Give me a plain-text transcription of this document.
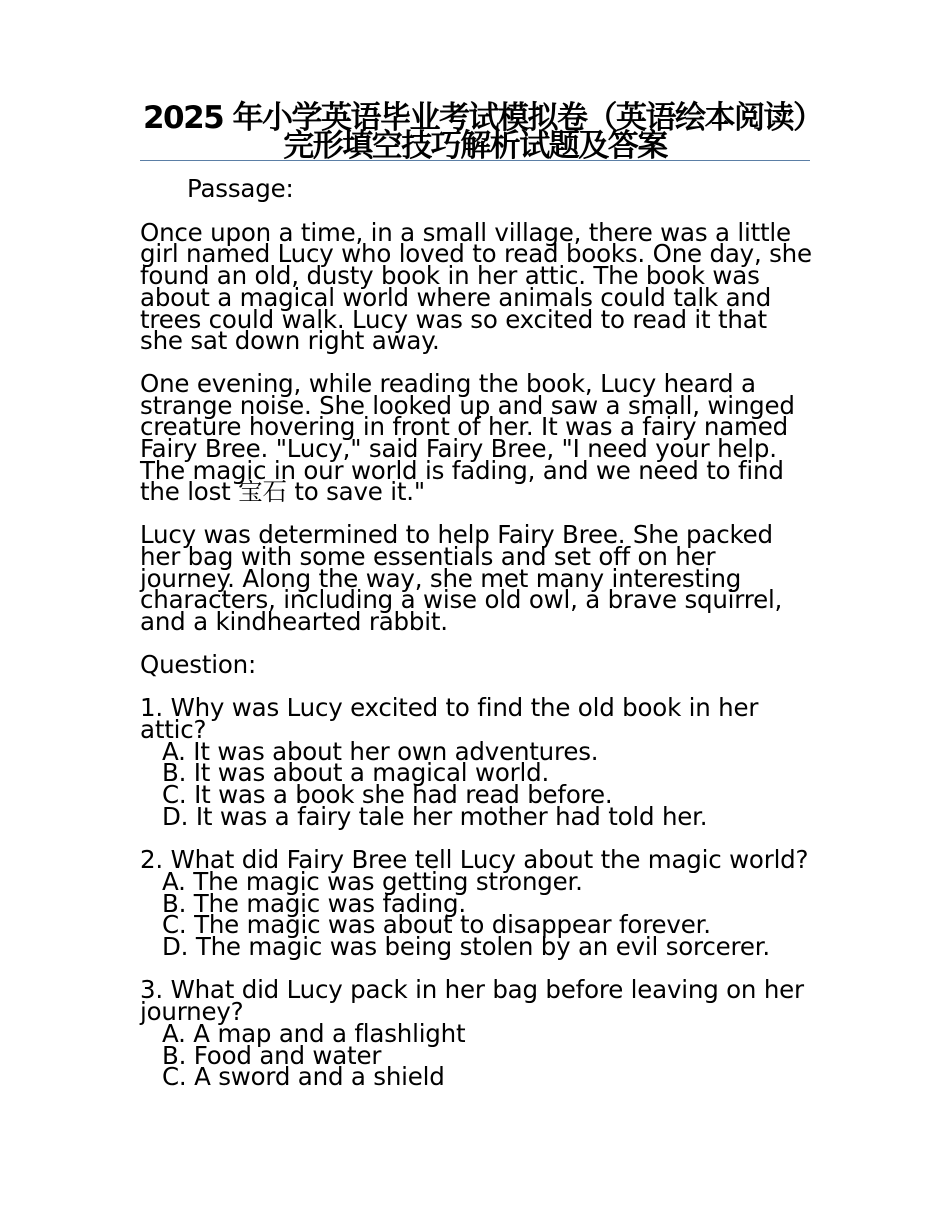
2025 年小学英语毕业考试模拟卷（英语绘本阅读）完形填空技巧解析试题及答案
Passage:

Once upon a time, in a small village, there was a little girl named Lucy who loved to read books. One day, she found an old, dusty book in her attic. The book was about a magical world where animals could talk and trees could walk. Lucy was so excited to read it that she sat down right away.

One evening, while reading the book, Lucy heard a strange noise. She looked up and saw a small, winged creature hovering in front of her. It was a fairy named Fairy Bree. "Lucy," said Fairy Bree, "I need your help. The magic in our world is fading, and we need to find the lost 宝石 to save it."

Lucy was determined to help Fairy Bree. She packed her bag with some essentials and set off on her journey. Along the way, she met many interesting characters, including a wise old owl, a brave squirrel, and a kindhearted rabbit.

Question:
1. Why was Lucy excited to find the old book in her attic?
A. It was about her own adventures.
B. It was about a magical world.
C. It was a book she had read before.
D. It was a fairy tale her mother had told her.
2. What did Fairy Bree tell Lucy about the magic world?
A. The magic was getting stronger.
B. The magic was fading.
C. The magic was about to disappear forever.
D. The magic was being stolen by an evil sorcerer.
3. What did Lucy pack in her bag before leaving on her journey?
A. A map and a flashlight
B. Food and water
C. A sword and a shield
